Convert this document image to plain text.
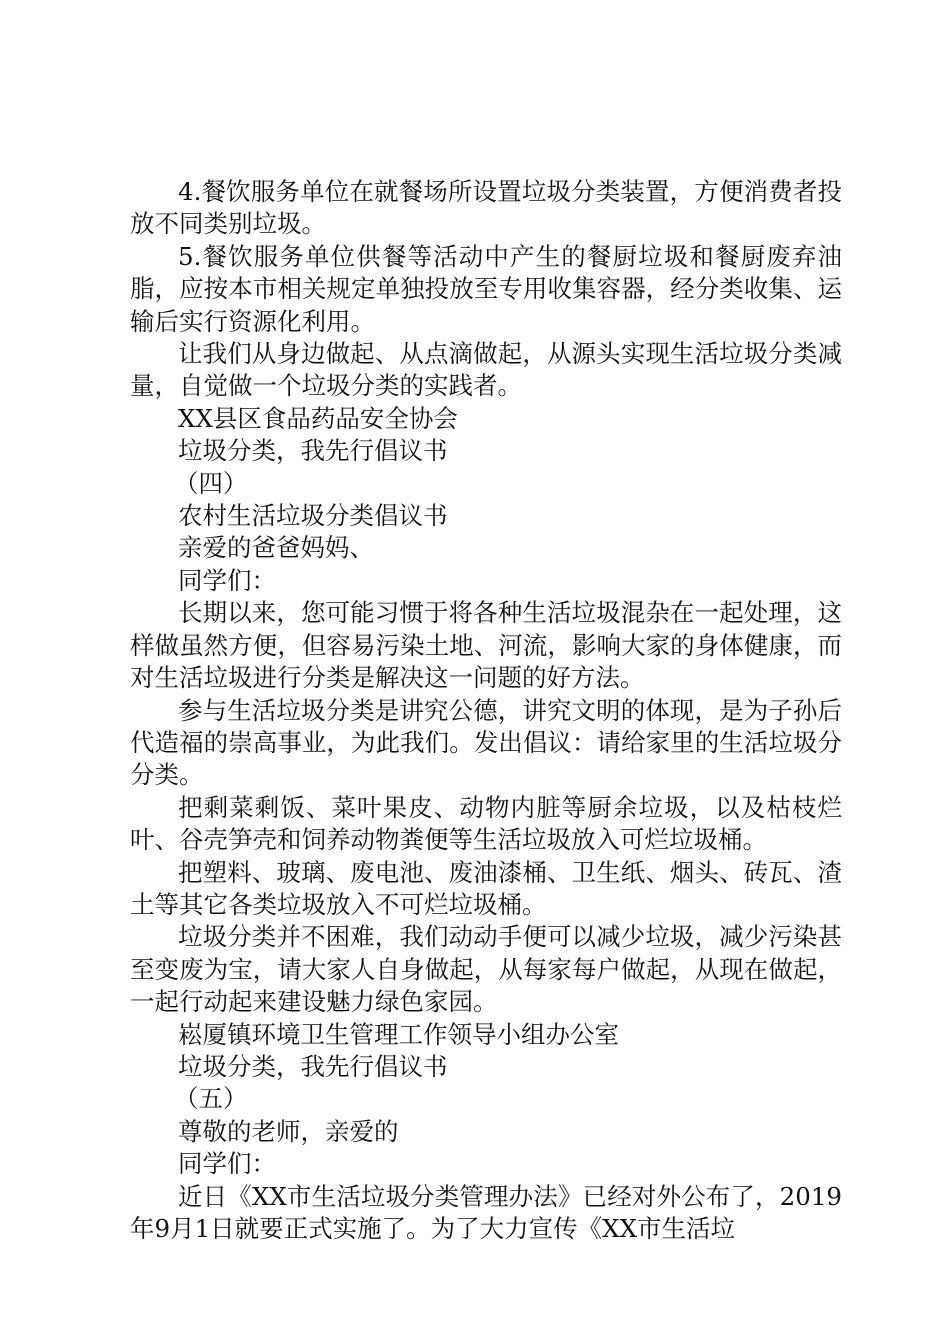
4.餐饮服务单位在就餐场所设置垃圾分类装置，方便消费者投放不同类别垃圾。

5.餐饮服务单位供餐等活动中产生的餐厨垃圾和餐厨废弃油脂，应按本市相关规定单独投放至专用收集容器，经分类收集、运输后实行资源化利用。

让我们从身边做起、从点滴做起，从源头实现生活垃圾分类减量，自觉做一个垃圾分类的实践者。

XX县区食品药品安全协会

垃圾分类，我先行倡议书

（四）

农村生活垃圾分类倡议书

亲爱的爸爸妈妈、

同学们：

长期以来，您可能习惯于将各种生活垃圾混杂在一起处理，这样做虽然方便，但容易污染土地、河流，影响大家的身体健康，而对生活垃圾进行分类是解决这一问题的好方法。

参与生活垃圾分类是讲究公德，讲究文明的体现，是为子孙后代造福的崇高事业，为此我们。发出倡议：请给家里的生活垃圾分分类。

把剩菜剩饭、菜叶果皮、动物内脏等厨余垃圾，以及枯枝烂叶、谷壳笋壳和饲养动物粪便等生活垃圾放入可烂垃圾桶。

把塑料、玻璃、废电池、废油漆桶、卫生纸、烟头、砖瓦、渣土等其它各类垃圾放入不可烂垃圾桶。

垃圾分类并不困难，我们动动手便可以减少垃圾，减少污染甚至变废为宝，请大家人自身做起，从每家每户做起，从现在做起，一起行动起来建设魅力绿色家园。

崧厦镇环境卫生管理工作领导小组办公室

垃圾分类，我先行倡议书

（五）

尊敬的老师，亲爱的

同学们：

近日《XX市生活垃圾分类管理办法》已经对外公布了，2019年9月1日就要正式实施了。为了大力宣传《XX市生活垃
